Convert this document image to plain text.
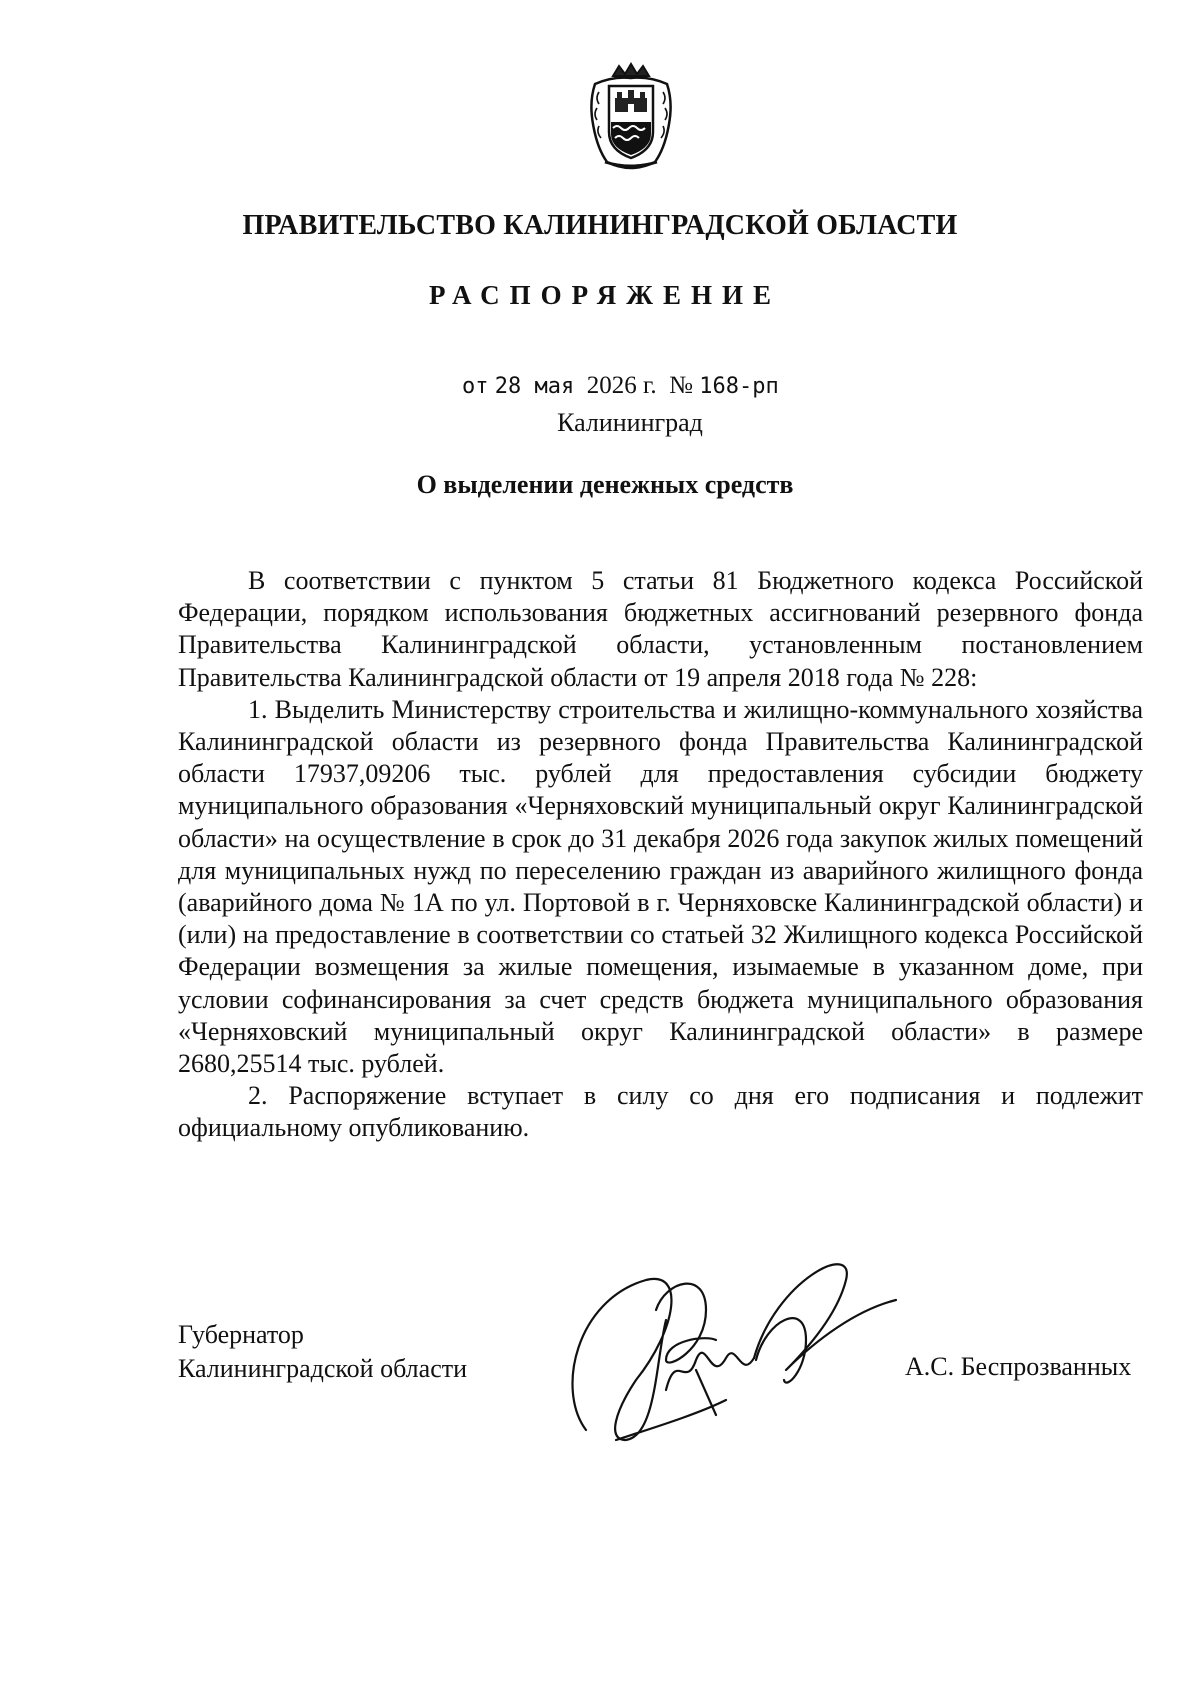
ПРАВИТЕЛЬСТВО КАЛИНИНГРАДСКОЙ ОБЛАСТИ
РАСПОРЯЖЕНИЕ
от 28 мая 2026 г. № 168-рп
Калининград
О выделении денежных средств

В соответствии с пунктом 5 статьи 81 Бюджетного кодекса Российской Федерации, порядком использования бюджетных ассигнований резервного фонда Правительства Калининградской области, установленным постановлением Правительства Калининградской области от 19 апреля 2018 года № 228:

1. Выделить Министерству строительства и жилищно-коммунального хозяйства Калининградской области из резервного фонда Правительства Калининградской области 17937,09206 тыс. рублей для предоставления субсидии бюджету муниципального образования «Черняховский муниципальный округ Калининградской области» на осуществление в срок до 31 декабря 2026 года закупок жилых помещений для муниципальных нужд по переселению граждан из аварийного жилищного фонда (аварийного дома № 1А по ул. Портовой в г. Черняховске Калининградской области) и (или) на предоставление в соответствии со статьей 32 Жилищного кодекса Российской Федерации возмещения за жилые помещения, изымаемые в указанном доме, при условии софинансирования за счет средств бюджета муниципального образования «Черняховский муниципальный округ Калининградской области» в размере 2680,25514 тыс. рублей.

2. Распоряжение вступает в силу со дня его подписания и подлежит официальному опубликованию.

Губернатор
Калининградской области	А.С. Беспрозванных
